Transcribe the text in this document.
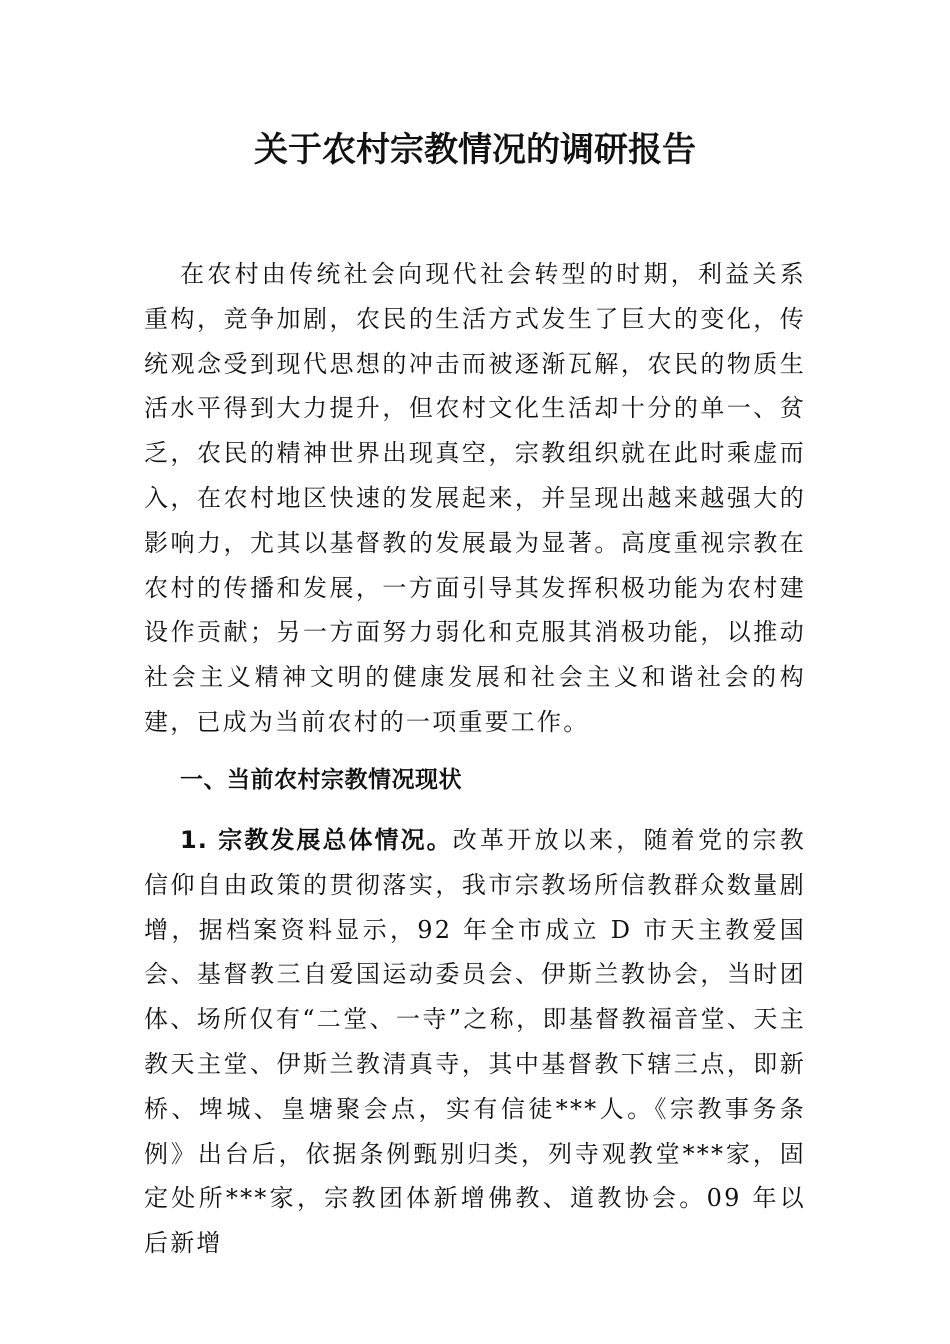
关于农村宗教情况的调研报告

在农村由传统社会向现代社会转型的时期，利益关系重构，竞争加剧，农民的生活方式发生了巨大的变化，传统观念受到现代思想的冲击而被逐渐瓦解，农民的物质生活水平得到大力提升，但农村文化生活却十分的单一、贫乏，农民的精神世界出现真空，宗教组织就在此时乘虚而入，在农村地区快速的发展起来，并呈现出越来越强大的影响力，尤其以基督教的发展最为显著。高度重视宗教在农村的传播和发展，一方面引导其发挥积极功能为农村建设作贡献；另一方面努力弱化和克服其消极功能，以推动社会主义精神文明的健康发展和社会主义和谐社会的构建，已成为当前农村的一项重要工作。

一、当前农村宗教情况现状

1. 宗教发展总体情况。改革开放以来，随着党的宗教信仰自由政策的贯彻落实，我市宗教场所信教群众数量剧增，据档案资料显示，92 年全市成立 D 市天主教爱国会、基督教三自爱国运动委员会、伊斯兰教协会，当时团体、场所仅有“二堂、一寺”之称，即基督教福音堂、天主教天主堂、伊斯兰教清真寺，其中基督教下辖三点，即新桥、埤城、皇塘聚会点，实有信徒***人。《宗教事务条例》出台后，依据条例甄别归类，列寺观教堂***家，固定处所***家，宗教团体新增佛教、道教协会。09 年以后新增
